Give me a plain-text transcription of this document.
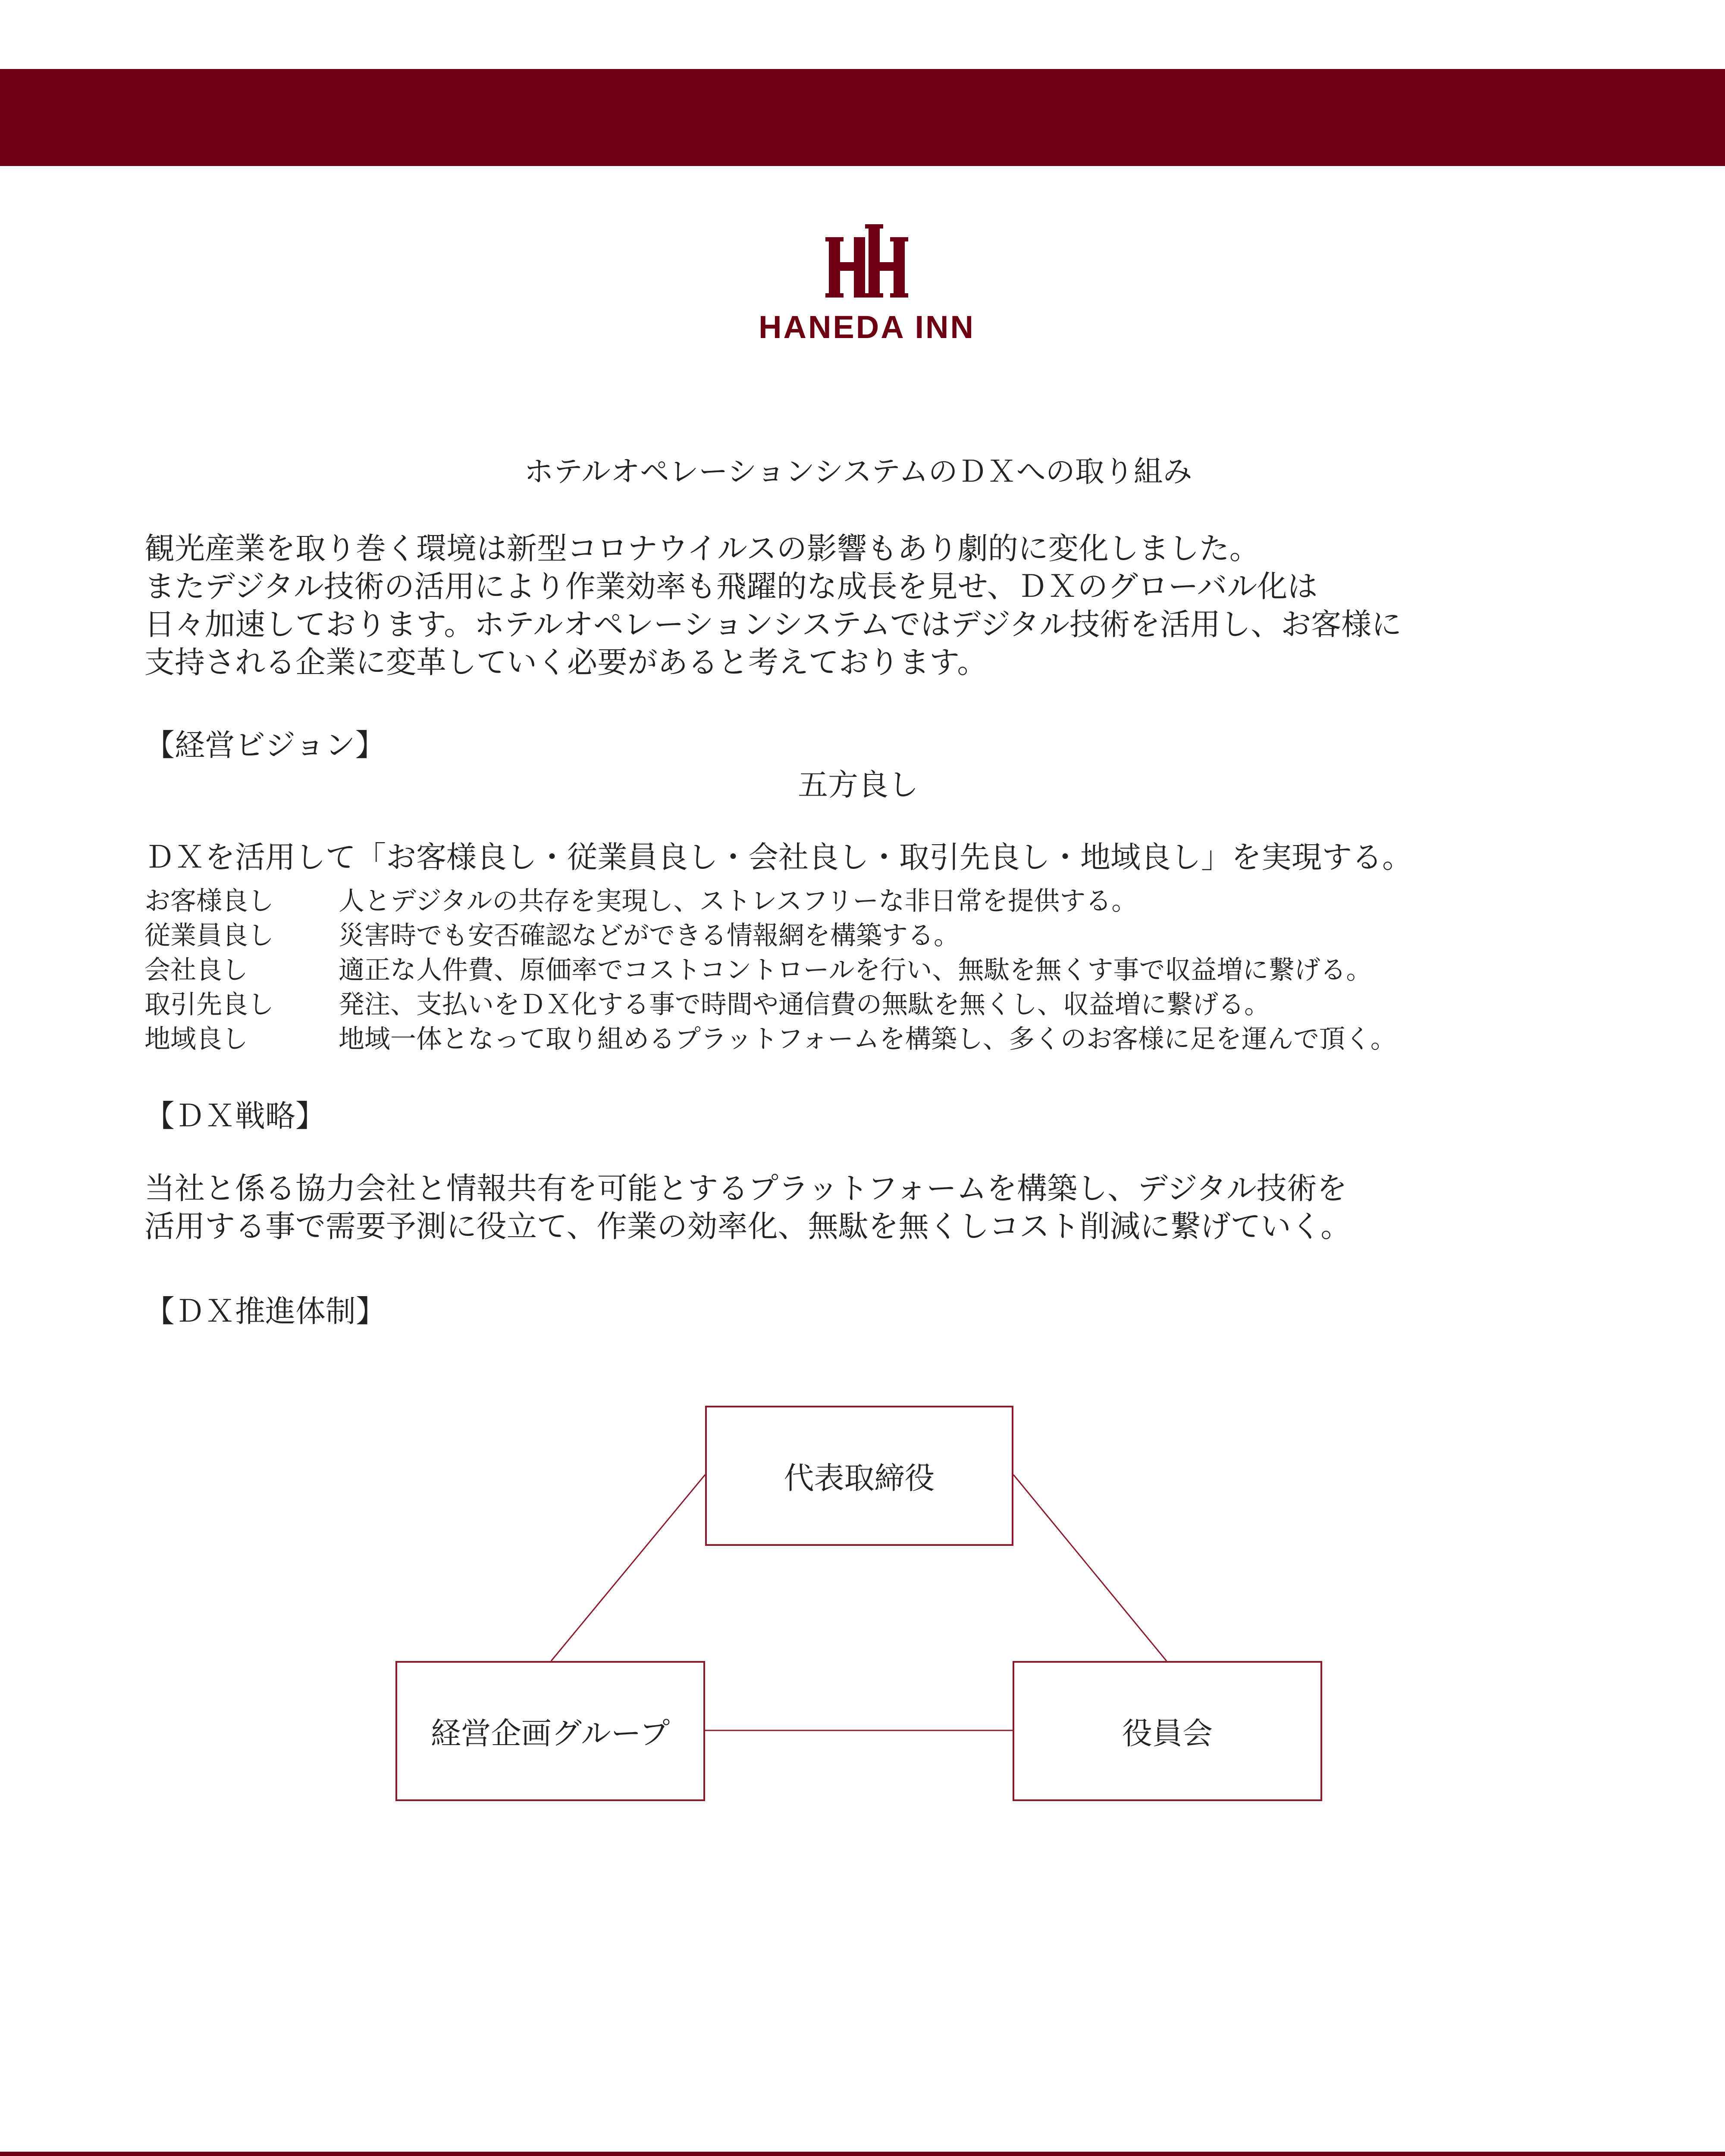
HANEDA INN
ホテルオペレーションシステムのＤＸへの取り組み
観光産業を取り巻く環境は新型コロナウイルスの影響もあり劇的に変化しました。
またデジタル技術の活用により作業効率も飛躍的な成長を見せ、ＤＸのグローバル化は
日々加速しております。ホテルオペレーションシステムではデジタル技術を活用し、お客様に
支持される企業に変革していく必要があると考えております。
【経営ビジョン】
五方良し
ＤＸを活用して「お客様良し・従業員良し・会社良し・取引先良し・地域良し」を実現する。
お客様良し	人とデジタルの共存を実現し、ストレスフリーな非日常を提供する。
従業員良し	災害時でも安否確認などができる情報網を構築する。
会社良し	適正な人件費、原価率でコストコントロールを行い、無駄を無くす事で収益増に繋げる。
取引先良し	発注、支払いをＤＸ化する事で時間や通信費の無駄を無くし、収益増に繋げる。
地域良し	地域一体となって取り組めるプラットフォームを構築し、多くのお客様に足を運んで頂く。
【ＤＸ戦略】
当社と係る協力会社と情報共有を可能とするプラットフォームを構築し、デジタル技術を
活用する事で需要予測に役立て、作業の効率化、無駄を無くしコスト削減に繋げていく。
【ＤＸ推進体制】
代表取締役
経営企画グループ	役員会
